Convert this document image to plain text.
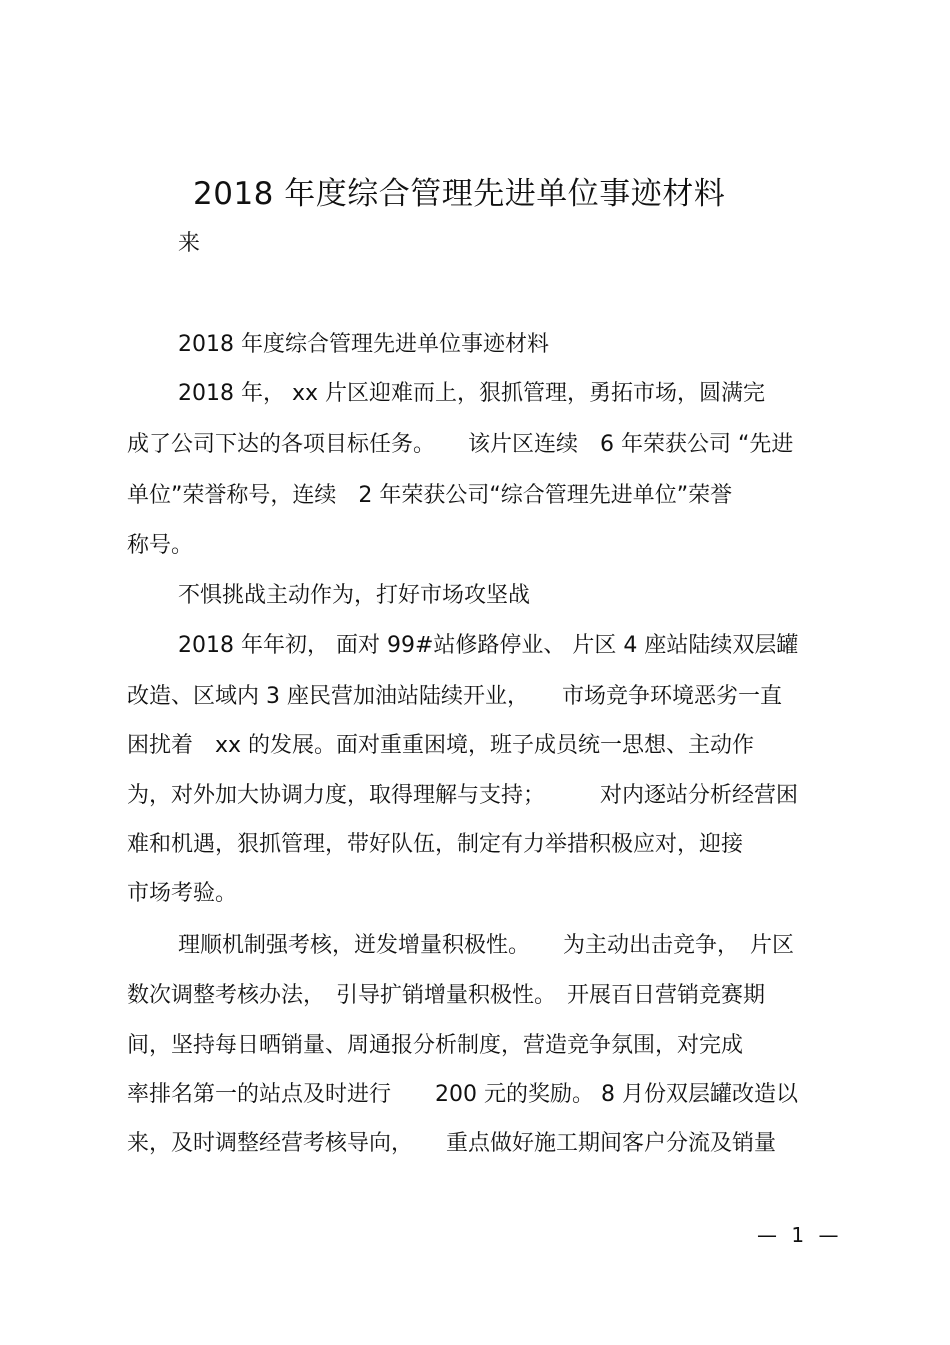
2018 年度综合管理先进单位事迹材料
来
2018 年度综合管理先进单位事迹材料
2018 年， xx 片区迎难而上，狠抓管理，勇拓市场，圆满完
成了公司下达的各项目标任务。　　该片区连续　6 年荣获公司 “先进
单位”荣誉称号，连续　2 年荣获公司“综合管理先进单位”荣誉
称号。
不惧挑战主动作为，打好市场攻坚战
2018 年年初， 面对 99#站修路停业、 片区 4 座站陆续双层罐
改造、区域内 3 座民营加油站陆续开业，　　市场竞争环境恶劣一直
困扰着　xx 的发展。面对重重困境，班子成员统一思想、主动作
为，对外加大协调力度，取得理解与支持；　　　对内逐站分析经营困
难和机遇，狠抓管理，带好队伍，制定有力举措积极应对，迎接
市场考验。
理顺机制强考核，迸发增量积极性。　　为主动出击竞争，　片区
数次调整考核办法，　引导扩销增量积极性。　开展百日营销竞赛期
间，坚持每日晒销量、周通报分析制度，营造竞争氛围，对完成
率排名第一的站点及时进行　　200 元的奖励。 8 月份双层罐改造以
来，及时调整经营考核导向，　　重点做好施工期间客户分流及销量
— 1 —
